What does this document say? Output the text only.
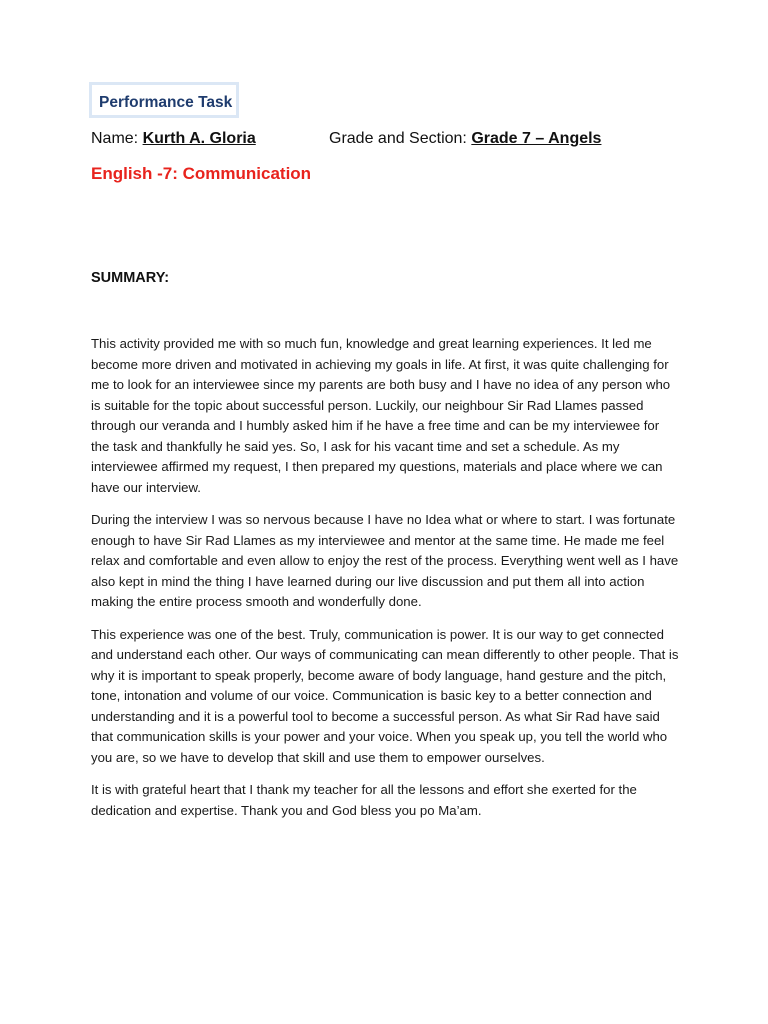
Performance Task
Name: Kurth A. Gloria	Grade and Section: Grade 7 – Angels
English -7: Communication
SUMMARY:

This activity provided me with so much fun, knowledge and great learning experiences. It led me become more driven and motivated in achieving my goals in life. At first, it was quite challenging for me to look for an interviewee since my parents are both busy and I have no idea of any person who is suitable for the topic about successful person. Luckily, our neighbour Sir Rad Llames passed through our veranda and I humbly asked him if he have a free time and can be my interviewee for the task and thankfully he said yes. So, I ask for his vacant time and set a schedule. As my interviewee affirmed my request, I then prepared my questions, materials and place where we can have our interview.

During the interview I was so nervous because I have no Idea what or where to start. I was fortunate enough to have Sir Rad Llames as my interviewee and mentor at the same time. He made me feel relax and comfortable and even allow to enjoy the rest of the process. Everything went well as I have also kept in mind the thing I have learned during our live discussion and put them all into action making the entire process smooth and wonderfully done.

This experience was one of the best. Truly, communication is power. It is our way to get connected and understand each other. Our ways of communicating can mean differently to other people. That is why it is important to speak properly, become aware of body language, hand gesture and the pitch, tone, intonation and volume of our voice. Communication is basic key to a better connection and understanding and it is a powerful tool to become a successful person. As what Sir Rad have said that communication skills is your power and your voice. When you speak up, you tell the world who you are, so we have to develop that skill and use them to empower ourselves.

It is with grateful heart that I thank my teacher for all the lessons and effort she exerted for the dedication and expertise. Thank you and God bless you po Ma’am.
